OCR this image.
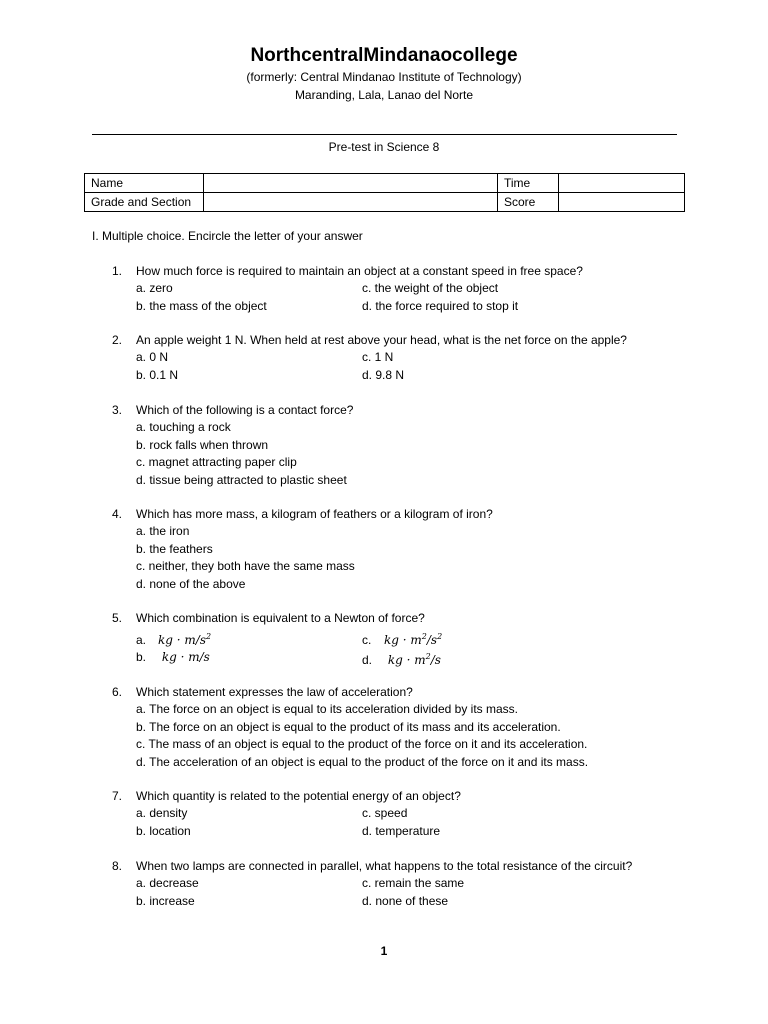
NorthcentralMindanaocollege
(formerly: Central Mindanao Institute of Technology)
Maranding, Lala, Lanao del Norte
Pre-test in Science 8
Name		Time	
Grade and Section		Score	
I. Multiple choice. Encircle the letter of your answer
1. How much force is required to maintain an object at a constant speed in free space?
a. zero	c. the weight of the object
b. the mass of the object	d. the force required to stop it
2. An apple weight 1 N. When held at rest above your head, what is the net force on the apple?
a. 0 N	c. 1 N
b. 0.1 N	d. 9.8 N
3. Which of the following is a contact force?
a. touching a rock
b. rock falls when thrown
c. magnet attracting paper clip
d. tissue being attracted to plastic sheet
4. Which has more mass, a kilogram of feathers or a kilogram of iron?
a. the iron
b. the feathers
c. neither, they both have the same mass
d. none of the above
5. Which combination is equivalent to a Newton of force?
a. kg · $m/s^2$	c. kg · $m^2/s^2$
b. kg · m/s	d. kg · $m^2/s$
6. Which statement expresses the law of acceleration?
a. The force on an object is equal to its acceleration divided by its mass.
b. The force on an object is equal to the product of its mass and its acceleration.
c. The mass of an object is equal to the product of the force on it and its acceleration.
d. The acceleration of an object is equal to the product of the force on it and its mass.
7. Which quantity is related to the potential energy of an object?
a. density	c. speed
b. location	d. temperature
8. When two lamps are connected in parallel, what happens to the total resistance of the circuit?
a. decrease	c. remain the same
b. increase	d. none of these
1
